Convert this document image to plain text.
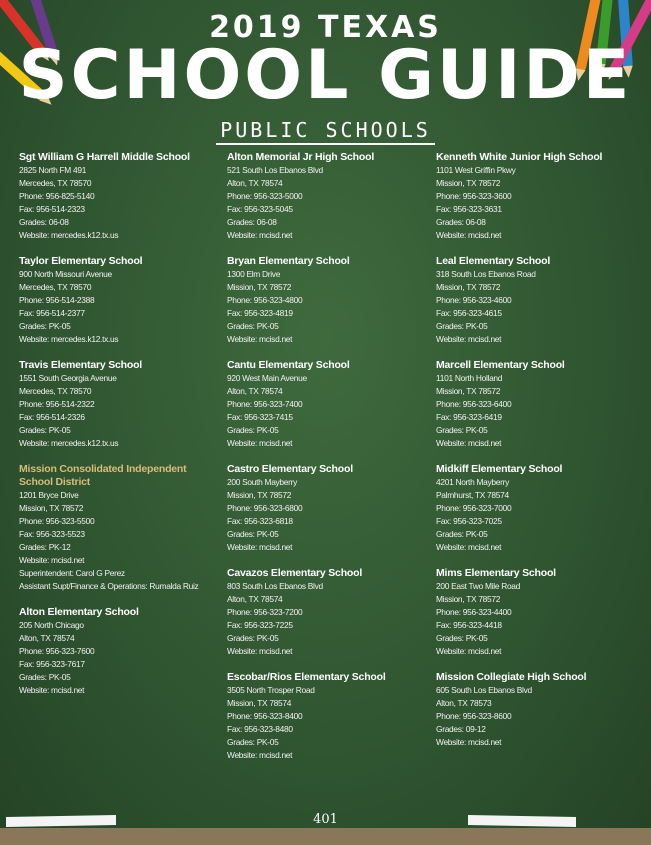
2019 TEXAS
SCHOOL GUIDE
PUBLIC SCHOOLS
Sgt William G Harrell Middle School
2825 North FM 491
Mercedes, TX 78570
Phone: 956-825-5140
Fax: 956-514-2323
Grades: 06-08
Website: mercedes.k12.tx.us
Taylor Elementary School
900 North Missouri Avenue
Mercedes, TX 78570
Phone: 956-514-2388
Fax: 956-514-2377
Grades: PK-05
Website: mercedes.k12.tx.us
Travis Elementary School
1551 South Georgia Avenue
Mercedes, TX 78570
Phone: 956-514-2322
Fax: 956-514-2326
Grades: PK-05
Website: mercedes.k12.tx.us
Mission Consolidated Independent School District
1201 Bryce Drive
Mission, TX 78572
Phone: 956-323-5500
Fax: 956-323-5523
Grades: PK-12
Website: mcisd.net
Superintendent: Carol G Perez
Assistant Supt/Finance & Operations: Rumalda Ruiz
Alton Elementary School
205 North Chicago
Alton, TX 78574
Phone: 956-323-7600
Fax: 956-323-7617
Grades: PK-05
Website: mcisd.net
Alton Memorial Jr High School
521 South Los Ebanos Blvd
Alton, TX 78574
Phone: 956-323-5000
Fax: 956-323-5045
Grades: 06-08
Website: mcisd.net
Bryan Elementary School
1300 Elm Drive
Mission, TX 78572
Phone: 956-323-4800
Fax: 956-323-4819
Grades: PK-05
Website: mcisd.net
Cantu Elementary School
920 West Main Avenue
Alton, TX 78574
Phone: 956-323-7400
Fax: 956-323-7415
Grades: PK-05
Website: mcisd.net
Castro Elementary School
200 South Mayberry
Mission, TX 78572
Phone: 956-323-6800
Fax: 956-323-6818
Grades: PK-05
Website: mcisd.net
Cavazos Elementary School
803 South Los Ebanos Blvd
Alton, TX 78574
Phone: 956-323-7200
Fax: 956-323-7225
Grades: PK-05
Website: mcisd.net
Escobar/Rios Elementary School
3505 North Trosper Road
Mission, TX 78574
Phone: 956-323-8400
Fax: 956-323-8480
Grades: PK-05
Website: mcisd.net
Kenneth White Junior High School
1101 West Griffin Pkwy
Mission, TX 78572
Phone: 956-323-3600
Fax: 956-323-3631
Grades: 06-08
Website: mcisd.net
Leal Elementary School
318 South Los Ebanos Road
Mission, TX 78572
Phone: 956-323-4600
Fax: 956-323-4615
Grades: PK-05
Website: mcisd.net
Marcell Elementary School
1101 North Holland
Mission, TX 78572
Phone: 956-323-6400
Fax: 956-323-6419
Grades: PK-05
Website: mcisd.net
Midkiff Elementary School
4201 North Mayberry
Palmhurst, TX 78574
Phone: 956-323-7000
Fax: 956-323-7025
Grades: PK-05
Website: mcisd.net
Mims Elementary School
200 East Two Mile Road
Mission, TX 78572
Phone: 956-323-4400
Fax: 956-323-4418
Grades: PK-05
Website: mcisd.net
Mission Collegiate High School
605 South Los Ebanos Blvd
Alton, TX 78573
Phone: 956-323-8600
Grades: 09-12
Website: mcisd.net
401
